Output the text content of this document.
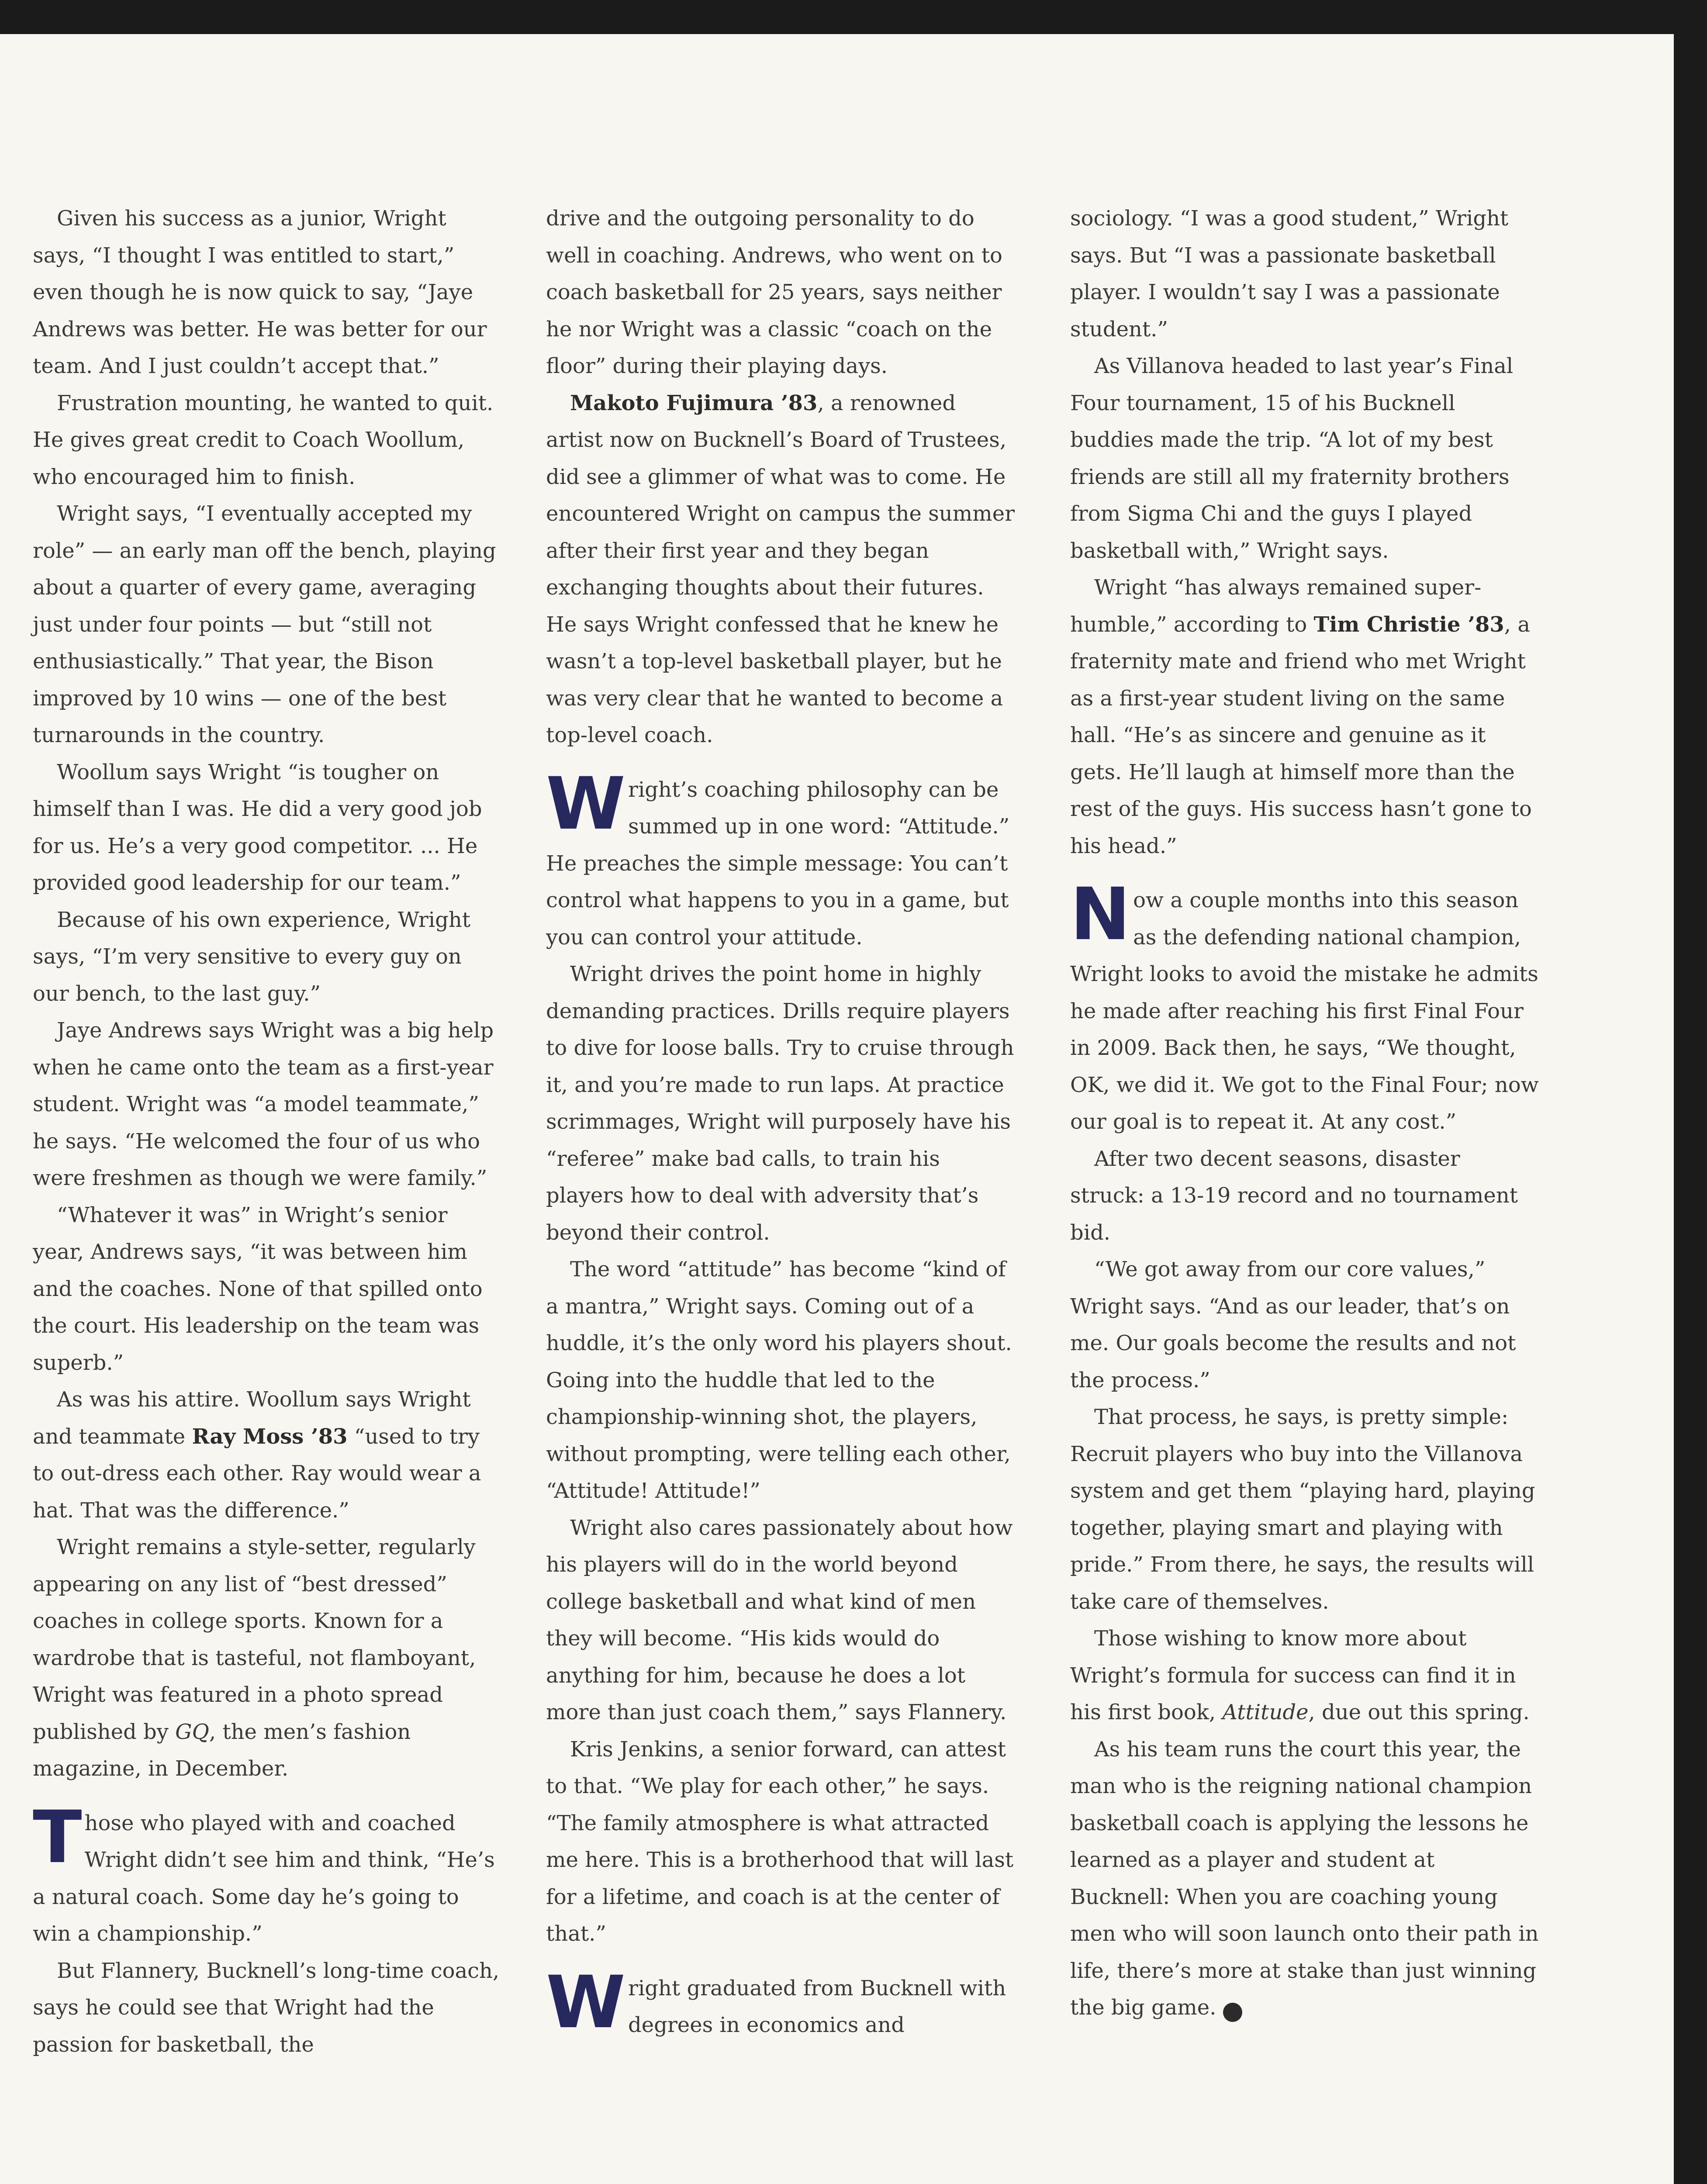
Given his success as a junior, Wright says, “I thought I was entitled to start,” even though he is now quick to say, “Jaye Andrews was better. He was better for our team. And I just couldn’t accept that.”

Frustration mounting, he wanted to quit. He gives great credit to Coach Woollum, who encouraged him to finish.

Wright says, “I eventually accepted my role” — an early man off the bench, playing about a quarter of every game, averaging just under four points — but “still not enthusiastically.” That year, the Bison improved by 10 wins — one of the best turnarounds in the country.

Woollum says Wright “is tougher on himself than I was. He did a very good job for us. He’s a very good competitor. ... He provided good leadership for our team.”

Because of his own experience, Wright says, “I’m very sensitive to every guy on our bench, to the last guy.”

Jaye Andrews says Wright was a big help when he came onto the team as a first-year student. Wright was “a model teammate,” he says. “He welcomed the four of us who were freshmen as though we were family.”

“Whatever it was” in Wright’s senior year, Andrews says, “it was between him and the coaches. None of that spilled onto the court. His leadership on the team was superb.”

As was his attire. Woollum says Wright and teammate Ray Moss ’83 “used to try to out-dress each other. Ray would wear a hat. That was the difference.”

Wright remains a style-setter, regularly appearing on any list of “best dressed” coaches in college sports. Known for a wardrobe that is tasteful, not flamboyant, Wright was featured in a photo spread published by GQ, the men’s fashion magazine, in December.

Those who played with and coached Wright didn’t see him and think, “He’s a natural coach. Some day he’s going to win a championship.”

But Flannery, Bucknell’s long-time coach, says he could see that Wright had the passion for basketball, the

drive and the outgoing personality to do well in coaching. Andrews, who went on to coach basketball for 25 years, says neither he nor Wright was a classic “coach on the floor” during their playing days.

Makoto Fujimura ’83, a renowned artist now on Bucknell’s Board of Trustees, did see a glimmer of what was to come. He encountered Wright on campus the summer after their first year and they began exchanging thoughts about their futures. He says Wright confessed that he knew he wasn’t a top-level basketball player, but he was very clear that he wanted to become a top-level coach.

Wright’s coaching philosophy can be summed up in one word: “Attitude.” He preaches the simple message: You can’t control what happens to you in a game, but you can control your attitude.

Wright drives the point home in highly demanding practices. Drills require players to dive for loose balls. Try to cruise through it, and you’re made to run laps. At practice scrimmages, Wright will purposely have his “referee” make bad calls, to train his players how to deal with adversity that’s beyond their control.

The word “attitude” has become “kind of a mantra,” Wright says. Coming out of a huddle, it’s the only word his players shout. Going into the huddle that led to the championship-winning shot, the players, without prompting, were telling each other, “Attitude! Attitude!”

Wright also cares passionately about how his players will do in the world beyond college basketball and what kind of men they will become. “His kids would do anything for him, because he does a lot more than just coach them,” says Flannery.

Kris Jenkins, a senior forward, can attest to that. “We play for each other,” he says. “The family atmosphere is what attracted me here. This is a brotherhood that will last for a lifetime, and coach is at the center of that.”

Wright graduated from Bucknell with degrees in economics and

sociology. “I was a good student,” Wright says. But “I was a passionate basketball player. I wouldn’t say I was a passionate student.”

As Villanova headed to last year’s Final Four tournament, 15 of his Bucknell buddies made the trip. “A lot of my best friends are still all my fraternity brothers from Sigma Chi and the guys I played basketball with,” Wright says.

Wright “has always remained super-humble,” according to Tim Christie ’83, a fraternity mate and friend who met Wright as a first-year student living on the same hall. “He’s as sincere and genuine as it gets. He’ll laugh at himself more than the rest of the guys. His success hasn’t gone to his head.”

Now a couple months into this season as the defending national champion, Wright looks to avoid the mistake he admits he made after reaching his first Final Four in 2009. Back then, he says, “We thought, OK, we did it. We got to the Final Four; now our goal is to repeat it. At any cost.”

After two decent seasons, disaster struck: a 13-19 record and no tournament bid.

“We got away from our core values,” Wright says. “And as our leader, that’s on me. Our goals become the results and not the process.”

That process, he says, is pretty simple: Recruit players who buy into the Villanova system and get them “playing hard, playing together, playing smart and playing with pride.” From there, he says, the results will take care of themselves.

Those wishing to know more about Wright’s formula for success can find it in his first book, Attitude, due out this spring.

As his team runs the court this year, the man who is the reigning national champion basketball coach is applying the lessons he learned as a player and student at Bucknell: When you are coaching young men who will soon launch onto their path in life, there’s more at stake than just winning the big game. B
